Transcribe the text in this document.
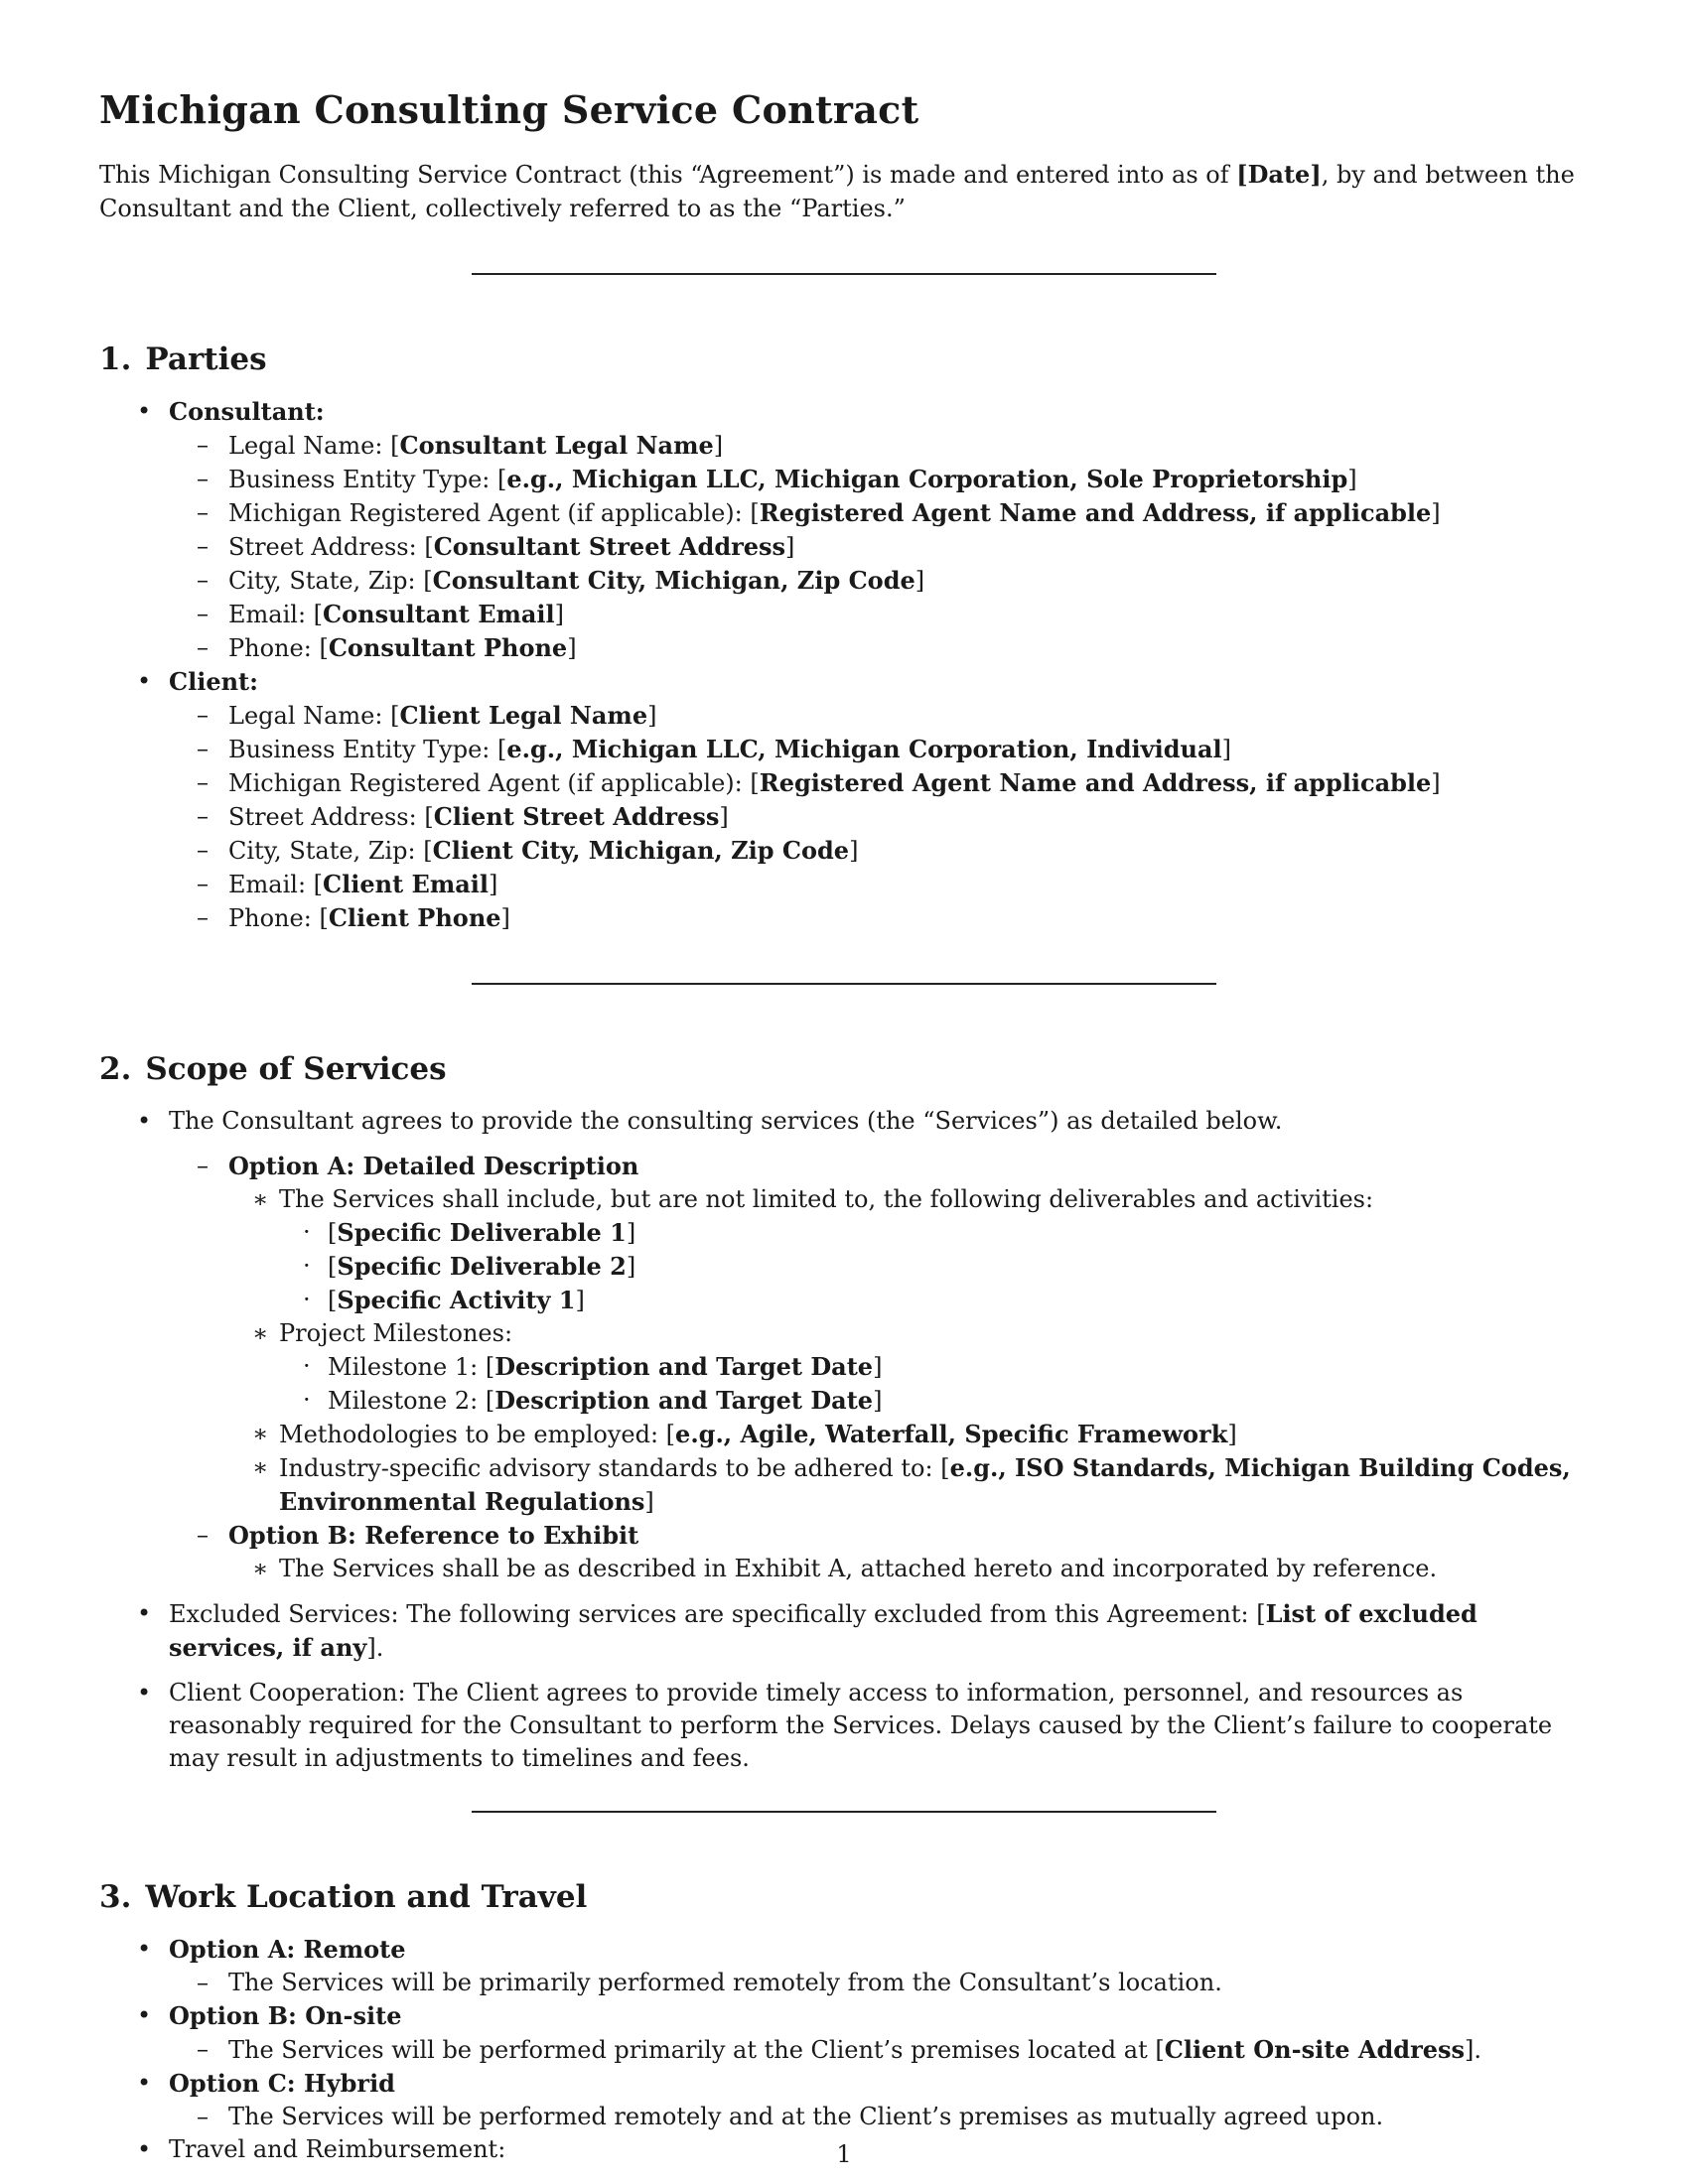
Michigan Consulting Service Contract

This Michigan Consulting Service Contract (this “Agreement”) is made and entered into as of [Date], by and between the Consultant and the Client, collectively referred to as the “Parties.”

1. Parties
• Consultant:
– Legal Name: [Consultant Legal Name]
– Business Entity Type: [e.g., Michigan LLC, Michigan Corporation, Sole Proprietorship]
– Michigan Registered Agent (if applicable): [Registered Agent Name and Address, if applicable]
– Street Address: [Consultant Street Address]
– City, State, Zip: [Consultant City, Michigan, Zip Code]
– Email: [Consultant Email]
– Phone: [Consultant Phone]
• Client:
– Legal Name: [Client Legal Name]
– Business Entity Type: [e.g., Michigan LLC, Michigan Corporation, Individual]
– Michigan Registered Agent (if applicable): [Registered Agent Name and Address, if applicable]
– Street Address: [Client Street Address]
– City, State, Zip: [Client City, Michigan, Zip Code]
– Email: [Client Email]
– Phone: [Client Phone]
2. Scope of Services
• The Consultant agrees to provide the consulting services (the “Services”) as detailed below.
– Option A: Detailed Description
∗ The Services shall include, but are not limited to, the following deliverables and activities:
· [Specific Deliverable 1]
· [Specific Deliverable 2]
· [Specific Activity 1]
∗ Project Milestones:
· Milestone 1: [Description and Target Date]
· Milestone 2: [Description and Target Date]
∗ Methodologies to be employed: [e.g., Agile, Waterfall, Specific Framework]
∗ Industry-specific advisory standards to be adhered to: [e.g., ISO Standards, Michigan Building Codes, Environmental Regulations]
– Option B: Reference to Exhibit
∗ The Services shall be as described in Exhibit A, attached hereto and incorporated by reference.
• Excluded Services: The following services are specifically excluded from this Agreement: [List of excluded services, if any].
• Client Cooperation: The Client agrees to provide timely access to information, personnel, and resources as reasonably required for the Consultant to perform the Services. Delays caused by the Client’s failure to cooperate may result in adjustments to timelines and fees.
3. Work Location and Travel
• Option A: Remote
– The Services will be primarily performed remotely from the Consultant’s location.
• Option B: On-site
– The Services will be performed primarily at the Client’s premises located at [Client On-site Address].
• Option C: Hybrid
– The Services will be performed remotely and at the Client’s premises as mutually agreed upon.
• Travel and Reimbursement:	1
